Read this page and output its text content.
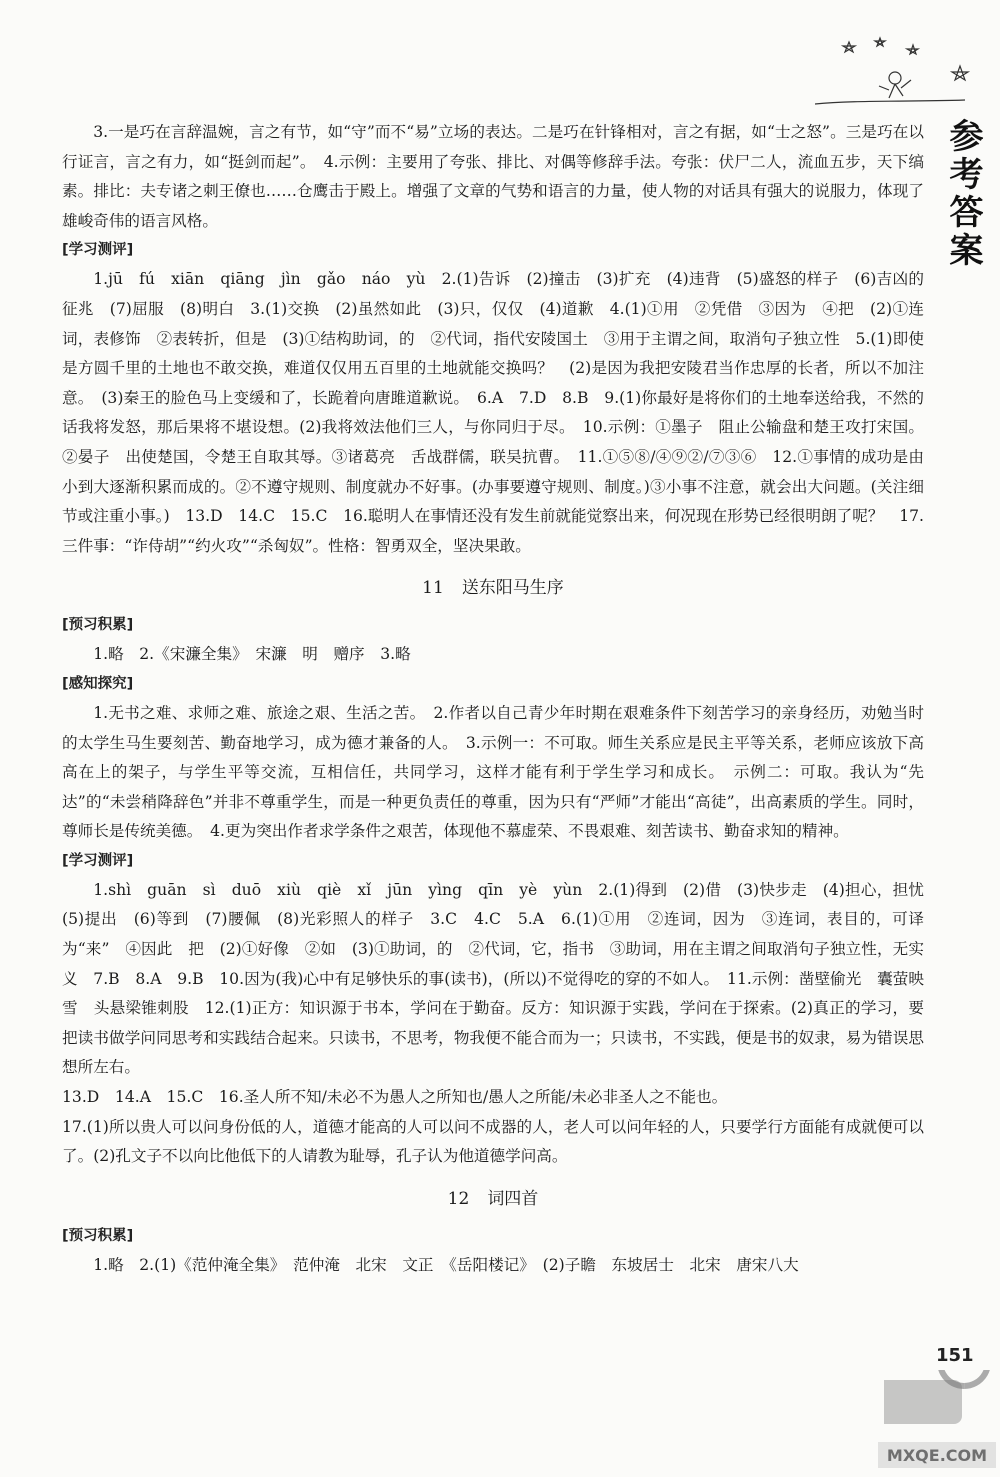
参考答案

3.一是巧在言辞温婉，言之有节，如“守”而不“易”立场的表达。二是巧在针锋相对，言之有据，如“士之怒”。三是巧在以行证言，言之有力，如“挺剑而起”。　4.示例：主要用了夸张、排比、对偶等修辞手法。夸张：伏尸二人，流血五步，天下缟素。排比：夫专诸之刺王僚也……仓鹰击于殿上。增强了文章的气势和语言的力量，使人物的对话具有强大的说服力，体现了雄峻奇伟的语言风格。

[学习测评]

1.jū　fú　xiān　qiāng　jìn　gǎo　náo　yù　2.(1)告诉　(2)撞击　(3)扩充　(4)违背　(5)盛怒的样子　(6)吉凶的征兆　(7)屈服　(8)明白　3.(1)交换　(2)虽然如此　(3)只，仅仅　(4)道歉　4.(1)①用　②凭借　③因为　④把　(2)①连词，表修饰　②表转折，但是　(3)①结构助词，的　②代词，指代安陵国土　③用于主谓之间，取消句子独立性　5.(1)即使是方圆千里的土地也不敢交换，难道仅仅用五百里的土地就能交换吗？　(2)是因为我把安陵君当作忠厚的长者，所以不加注意。　(3)秦王的脸色马上变缓和了，长跪着向唐雎道歉说。　6.A　7.D　8.B　9.(1)你最好是将你们的土地奉送给我，不然的话我将发怒，那后果将不堪设想。(2)我将效法他们三人，与你同归于尽。　10.示例：①墨子　阻止公输盘和楚王攻打宋国。②晏子　出使楚国，令楚王自取其辱。③诸葛亮　舌战群儒，联吴抗曹。　11.①⑤⑧/④⑨②/⑦③⑥　12.①事情的成功是由小到大逐渐积累而成的。②不遵守规则、制度就办不好事。(办事要遵守规则、制度。)③小事不注意，就会出大问题。(关注细节或注重小事。)　13.D　14.C　15.C　16.聪明人在事情还没有发生前就能觉察出来，何况现在形势已经很明朗了呢？　17.三件事：“诈侍胡”“约火攻”“杀匈奴”。性格：智勇双全，坚决果敢。

11 送东阳马生序
[预习积累]

1.略　2.《宋濂全集》　宋濂　明　赠序　3.略

[感知探究]

1.无书之难、求师之难、旅途之艰、生活之苦。　2.作者以自己青少年时期在艰难条件下刻苦学习的亲身经历，劝勉当时的太学生马生要刻苦、勤奋地学习，成为德才兼备的人。　3.示例一：不可取。师生关系应是民主平等关系，老师应该放下高高在上的架子，与学生平等交流，互相信任，共同学习，这样才能有利于学生学习和成长。　示例二：可取。我认为“先达”的“未尝稍降辞色”并非不尊重学生，而是一种更负责任的尊重，因为只有“严师”才能出“高徒”，出高素质的学生。同时，尊师长是传统美德。　4.更为突出作者求学条件之艰苦，体现他不慕虚荣、不畏艰难、刻苦读书、勤奋求知的精神。

[学习测评]

1.shì　guān　sì　duō　xiù　qiè　xǐ　jūn　yìng　qīn　yè　yùn　2.(1)得到　(2)借　(3)快步走　(4)担心，担忧　(5)提出　(6)等到　(7)腰佩　(8)光彩照人的样子　3.C　4.C　5.A　6.(1)①用　②连词，因为　③连词，表目的，可译为“来”　④因此　把　(2)①好像　②如　(3)①助词，的　②代词，它，指书　③助词，用在主谓之间取消句子独立性，无实义　7.B　8.A　9.B　10.因为(我)心中有足够快乐的事(读书)，(所以)不觉得吃的穿的不如人。　11.示例：凿壁偷光　囊萤映雪　头悬梁锥刺股　12.(1)正方：知识源于书本，学问在于勤奋。反方：知识源于实践，学问在于探索。(2)真正的学习，要把读书做学问同思考和实践结合起来。只读书，不思考，物我便不能合而为一；只读书，不实践，便是书的奴隶，易为错误思想所左右。

13.D　14.A　15.C　16.圣人所不知/未必不为愚人之所知也/愚人之所能/未必非圣人之不能也。

17.(1)所以贵人可以问身份低的人，道德才能高的人可以问不成器的人，老人可以问年轻的人，只要学行方面能有成就便可以了。(2)孔文子不以向比他低下的人请教为耻辱，孔子认为他道德学问高。

12 词四首
[预习积累]

1.略　2.(1)《范仲淹全集》　范仲淹　北宋　文正　《岳阳楼记》　(2)子瞻　东坡居士　北宋　唐宋八大

151
MXQE.COM
